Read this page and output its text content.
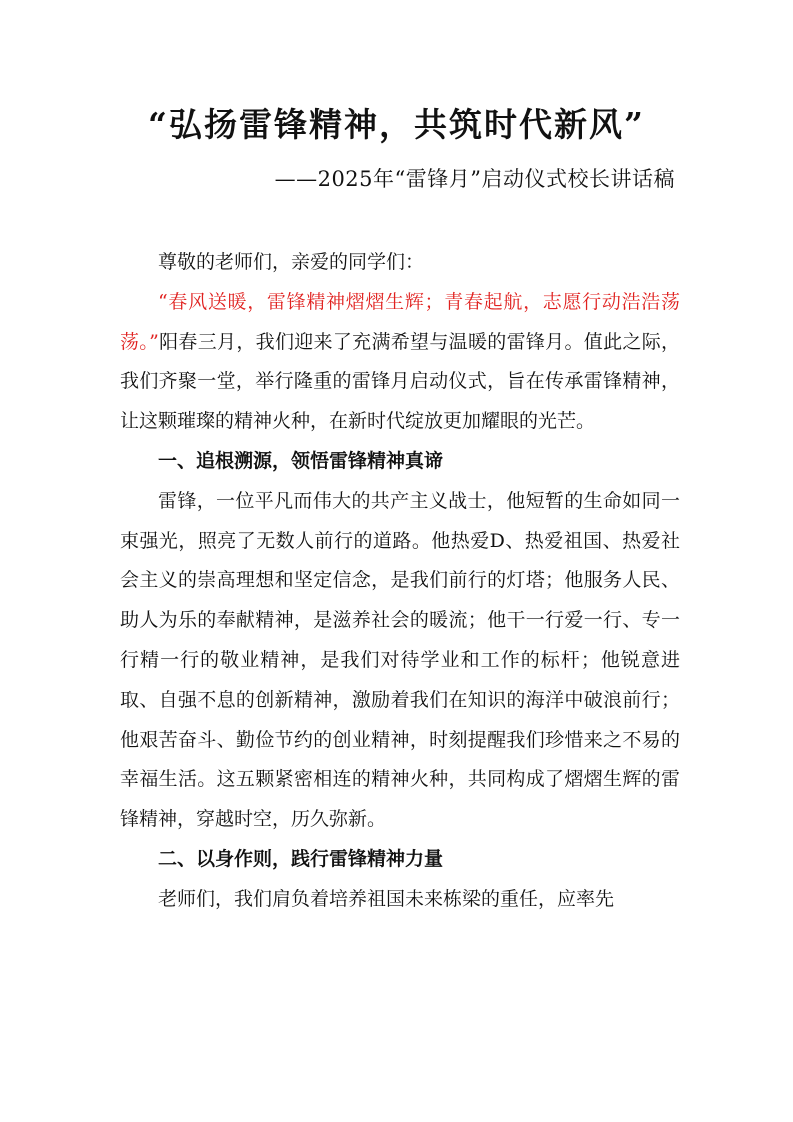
“弘扬雷锋精神，共筑时代新风”
——2025年“雷锋月”启动仪式校长讲话稿

尊敬的老师们，亲爱的同学们：

“春风送暖，雷锋精神熠熠生辉；青春起航，志愿行动浩浩荡荡。”阳春三月，我们迎来了充满希望与温暖的雷锋月。值此之际，我们齐聚一堂，举行隆重的雷锋月启动仪式，旨在传承雷锋精神，让这颗璀璨的精神火种，在新时代绽放更加耀眼的光芒。

一、追根溯源，领悟雷锋精神真谛

雷锋，一位平凡而伟大的共产主义战士，他短暂的生命如同一束强光，照亮了无数人前行的道路。他热爱D、热爱祖国、热爱社会主义的崇高理想和坚定信念，是我们前行的灯塔；他服务人民、助人为乐的奉献精神，是滋养社会的暖流；他干一行爱一行、专一行精一行的敬业精神，是我们对待学业和工作的标杆；他锐意进取、自强不息的创新精神，激励着我们在知识的海洋中破浪前行；他艰苦奋斗、勤俭节约的创业精神，时刻提醒我们珍惜来之不易的幸福生活。这五颗紧密相连的精神火种，共同构成了熠熠生辉的雷锋精神，穿越时空，历久弥新。

二、以身作则，践行雷锋精神力量

老师们，我们肩负着培养祖国未来栋梁的重任，应率先
